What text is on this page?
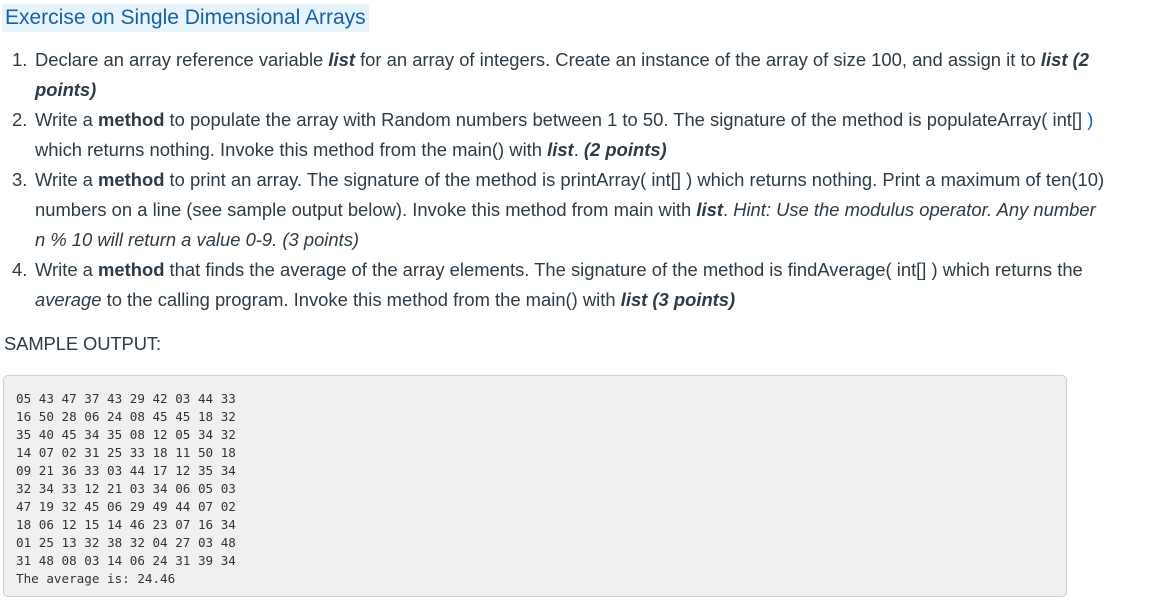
Exercise on Single Dimensional Arrays
1. Declare an array reference variable list for an array of integers. Create an instance of the array of size 100, and assign it to list (2 points)
2. Write a method to populate the array with Random numbers between 1 to 50. The signature of the method is populateArray( int[] ) which returns nothing. Invoke this method from the main() with list. (2 points)
3. Write a method to print an array. The signature of the method is printArray( int[] ) which returns nothing. Print a maximum of ten(10) numbers on a line (see sample output below). Invoke this method from main with list. Hint: Use the modulus operator. Any number n % 10 will return a value 0-9. (3 points)
4. Write a method that finds the average of the array elements. The signature of the method is findAverage( int[] ) which returns the average to the calling program. Invoke this method from the main() with list (3 points)
SAMPLE OUTPUT:
05 43 47 37 43 29 42 03 44 33
16 50 28 06 24 08 45 45 18 32
35 40 45 34 35 08 12 05 34 32
14 07 02 31 25 33 18 11 50 18
09 21 36 33 03 44 17 12 35 34
32 34 33 12 21 03 34 06 05 03
47 19 32 45 06 29 49 44 07 02
18 06 12 15 14 46 23 07 16 34
01 25 13 32 38 32 04 27 03 48
31 48 08 03 14 06 24 31 39 34
The average is: 24.46
